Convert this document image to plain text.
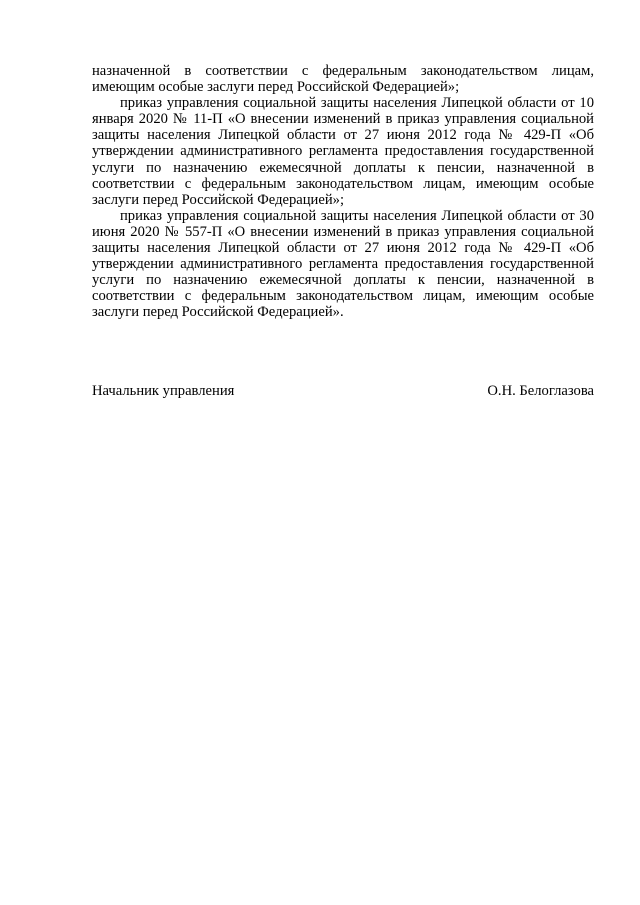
назначенной в соответствии с федеральным законодательством лицам, имеющим особые заслуги перед Российской Федерацией»;

приказ управления социальной защиты населения Липецкой области от 10 января 2020 № 11-П «О внесении изменений в приказ управления социальной защиты населения Липецкой области от 27 июня 2012 года № 429-П «Об утверждении административного регламента предоставления государственной услуги по назначению ежемесячной доплаты к пенсии, назначенной в соответствии с федеральным законодательством лицам, имеющим особые заслуги перед Российской Федерацией»;

приказ управления социальной защиты населения Липецкой области от 30 июня 2020 № 557-П «О внесении изменений в приказ управления социальной защиты населения Липецкой области от 27 июня 2012 года № 429-П «Об утверждении административного регламента предоставления государственной услуги по назначению ежемесячной доплаты к пенсии, назначенной в соответствии с федеральным законодательством лицам, имеющим особые заслуги перед Российской Федерацией».

Начальник управления	О.Н. Белоглазова
